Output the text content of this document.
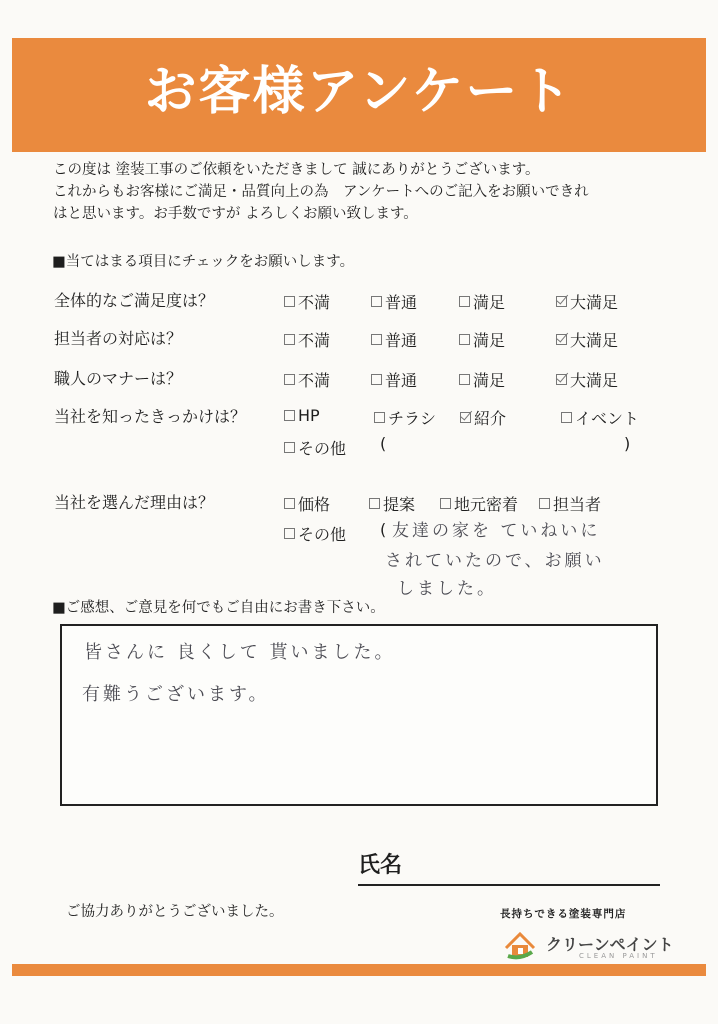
お客様アンケート
この度は 塗装工事のご依頼をいただきまして 誠にありがとうございます。
これからもお客様にご満足・品質向上の為　アンケートへのご記入をお願いできれ
はと思います。お手数ですが よろしくお願い致します。
■当てはまる項目にチェックをお願いします。
全体的なご満足度は？	不満	普通	満足	大満足
担当者の対応は？	不満	普通	満足	大満足
職人のマナーは？	不満	普通	満足	大満足
当社を知ったきっかけは？	HP	チラシ 紹介	イベント
その他 (	)
当社を選んだ理由は？	価格	提案 地元密着 担当者
その他 ( 友達の家を ていねいに
されていたので、お願い
しました。
■ご感想、ご意見を何でもご自由にお書き下さい。
皆さんに 良くして 貰いました。
有難うございます。
氏名
ご協力ありがとうございました。	長持ちできる塗装専門店
クリーンペイント
CLEAN PAINT
